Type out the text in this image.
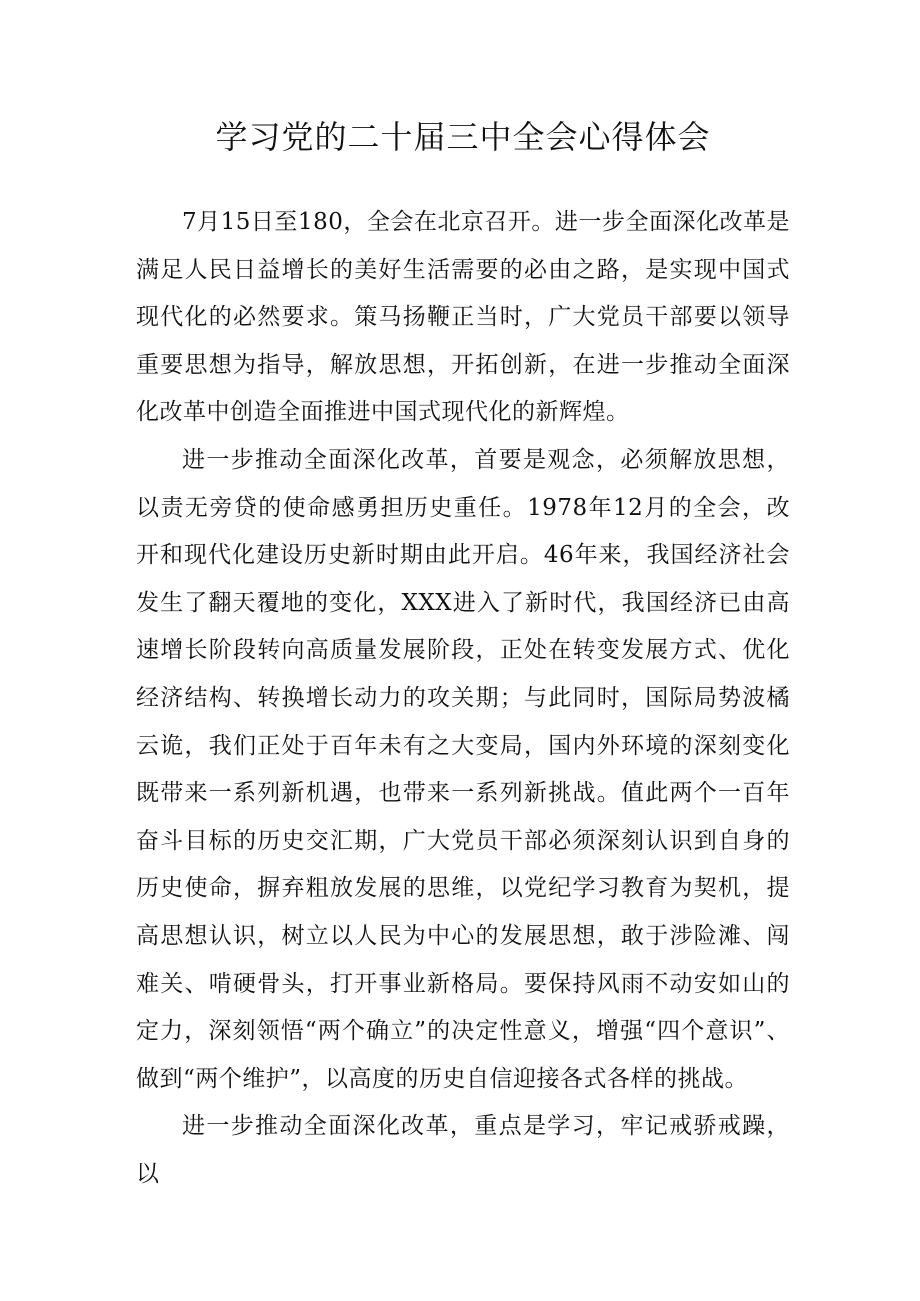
学习党的二十届三中全会心得体会

7月15日至180，全会在北京召开。进一步全面深化改革是满足人民日益增长的美好生活需要的必由之路，是实现中国式现代化的必然要求。策马扬鞭正当时，广大党员干部要以领导重要思想为指导，解放思想，开拓创新，在进一步推动全面深化改革中创造全面推进中国式现代化的新辉煌。

进一步推动全面深化改革，首要是观念，必须解放思想，以责无旁贷的使命感勇担历史重任。1978年12月的全会，改开和现代化建设历史新时期由此开启。46年来，我国经济社会发生了翻天覆地的变化，XXX进入了新时代，我国经济已由高速增长阶段转向高质量发展阶段，正处在转变发展方式、优化经济结构、转换增长动力的攻关期；与此同时，国际局势波橘云诡，我们正处于百年未有之大变局，国内外环境的深刻变化既带来一系列新机遇，也带来一系列新挑战。值此两个一百年奋斗目标的历史交汇期，广大党员干部必须深刻认识到自身的历史使命，摒弃粗放发展的思维，以党纪学习教育为契机，提高思想认识，树立以人民为中心的发展思想，敢于涉险滩、闯难关、啃硬骨头，打开事业新格局。要保持风雨不动安如山的定力，深刻领悟“两个确立”的决定性意义，增强“四个意识”、做到“两个维护”，以高度的历史自信迎接各式各样的挑战。

进一步推动全面深化改革，重点是学习，牢记戒骄戒躁，以
